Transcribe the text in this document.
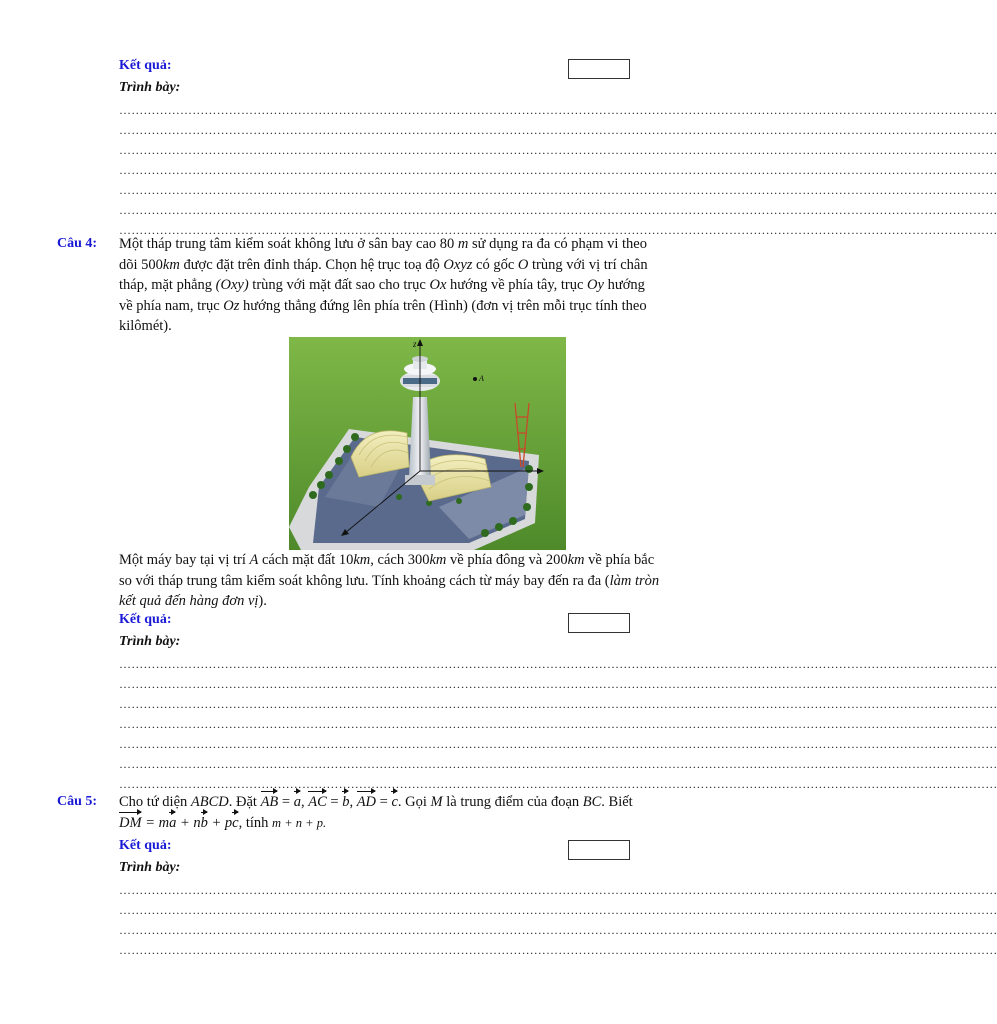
Kết quả:
Trình bày:
………………………………………………………………………………………………………………………………………………………………………………………………
………………………………………………………………………………………………………………………………………………………………………………………………
………………………………………………………………………………………………………………………………………………………………………………………………
………………………………………………………………………………………………………………………………………………………………………………………………
………………………………………………………………………………………………………………………………………………………………………………………………
………………………………………………………………………………………………………………………………………………………………………………………………
………………………………………………………………………………………………………………………………………………………………………………………………
Câu 4: Một tháp trung tâm kiểm soát không lưu ở sân bay cao 80 m sử dụng ra đa có phạm vi theo
dõi 500km được đặt trên đỉnh tháp. Chọn hệ trục toạ độ Oxyz có gốc O trùng với vị trí chân
tháp, mặt phẳng (Oxy) trùng với mặt đất sao cho trục Ox hướng về phía tây, trục Oy hướng
về phía nam, trục Oz hướng thẳng đứng lên phía trên (Hình) (đơn vị trên mỗi trục tính theo
kilômét).
z
A
Một máy bay tại vị trí A cách mặt đất 10km, cách 300km về phía đông và 200km về phía bắc
so với tháp trung tâm kiểm soát không lưu. Tính khoảng cách từ máy bay đến ra đa (làm tròn
kết quả đến hàng đơn vị).
Kết quả:
Trình bày:
………………………………………………………………………………………………………………………………………………………………………………………………
………………………………………………………………………………………………………………………………………………………………………………………………
………………………………………………………………………………………………………………………………………………………………………………………………
………………………………………………………………………………………………………………………………………………………………………………………………
………………………………………………………………………………………………………………………………………………………………………………………………
………………………………………………………………………………………………………………………………………………………………………………………………
………………………………………………………………………………………………………………………………………………………………………………………………
Câu 5: Cho tứ diện ABCD. Đặt AB = a, AC = b, AD = c. Gọi M là trung điểm của đoạn BC. Biết
DM = ma + nb + pc, tính m + n + p.
Kết quả:
Trình bày:
………………………………………………………………………………………………………………………………………………………………………………………………
………………………………………………………………………………………………………………………………………………………………………………………………
………………………………………………………………………………………………………………………………………………………………………………………………
………………………………………………………………………………………………………………………………………………………………………………………………
